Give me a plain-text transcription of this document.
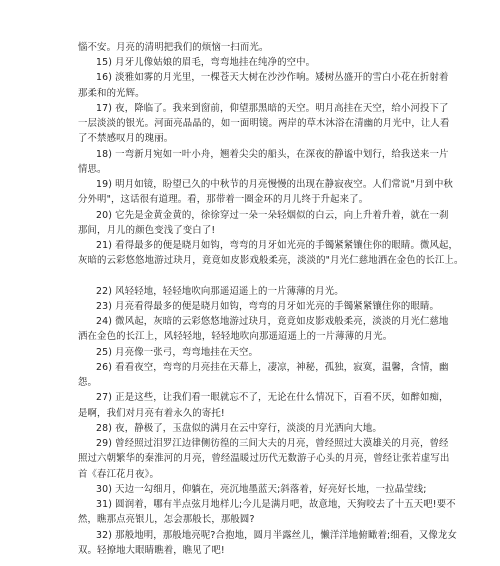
惱不安。月亮的清明把我们的烦恼一扫而光。
15) 月牙儿像姑娘的眉毛，弯弯地挂在纯净的空中。
16) 淡雅如雾的月光里，一棵苍天大树在沙沙作响。矮树丛盛开的雪白小花在折射着
那柔和的光辉。
17) 夜，降临了。我来到窗前，仰望那黑暗的天空。明月高挂在天空，给小河投下了
一层淡淡的银光。河面亮晶晶的，如一面明镜。两岸的草木沐浴在清幽的月光中，让人看
了不禁感叹月的瑰丽。
18) 一弯新月宛如一叶小舟，翘着尖尖的船头，在深夜的静谧中划行，给我送来一片
情思。
19) 明月如镜，盼望已久的中秋节的月亮慢慢的出现在静寂夜空。人们常说"月到中秋
分外明"，这话很有道理。看，那带着一圈金环的月儿终于升起来了。
20) 它先是金黄金黄的，徐徐穿过一朵一朵轻烟似的白云，向上升着升着，就在一刹
那间，月儿的颜色变浅了变白了!
21) 看得最多的便是晓月如钩，弯弯的月牙如光亮的手镯紧紧镶住你的眼睛。微风起，
灰暗的云彩悠悠地游过玦月，竟竟如皮影戏般柔亮，淡淡的"月光仁慈地洒在金色的长江上。
22) 风轻轻地，轻轻地吹向那遥迢遥上的一片薄薄的月光。
23) 月亮看得最多的便是晓月如钩，弯弯的月牙如光亮的手镯紧紧镶住你的眼睛。
24) 微风起，灰暗的云彩悠悠地游过玦月，竟竟如皮影戏般柔亮，淡淡的月光仁慈地
洒在金色的长江上，风轻轻地，轻轻地吹向那遥迢遥上的一片薄薄的月光。
25) 月亮像一张弓，弯弯地挂在天空。
26) 看看夜空，弯弯的月亮挂在天幕上，凄凉，神秘，孤独，寂寞，温馨，含情，幽
怨。
27) 正是这些，让我们看一眼就忘不了，无论在什么情况下，百看不厌，如醉如痴，
是啊，我们对月亮有着永久的寄托!
28) 夜，静极了，玉盘似的满月在云中穿行，淡淡的月光洒向大地。
29) 曾经照过泪罗江边律侧彷徨的三间大夫的月亮，曾经照过大漠雄关的月亮，曾经
照过六朝繁华的秦淮河的月亮，曾经温暖过历代无数游子心头的月亮，曾经让张若虚写出
首《春江花月夜》。
30) 天边一勾细月，仰躺在，亮沉地墨蓝天;斜落着，好亮好长地，一拉晶莹线;
31) 圆润着，哪有半点弦月地样儿;今儿是满月吧，故意地，天狗咬去了十五天吧!要不
然，瞧那点亮银儿，怎会那般长，那般圆?
32) 那般地明，那般地亮呢?合抱地，圆月半露丝儿，懒洋洋地俯瞰着;细看，又像龙女
双。轻撩地大眼睛瞧着，瞧见了吧!
